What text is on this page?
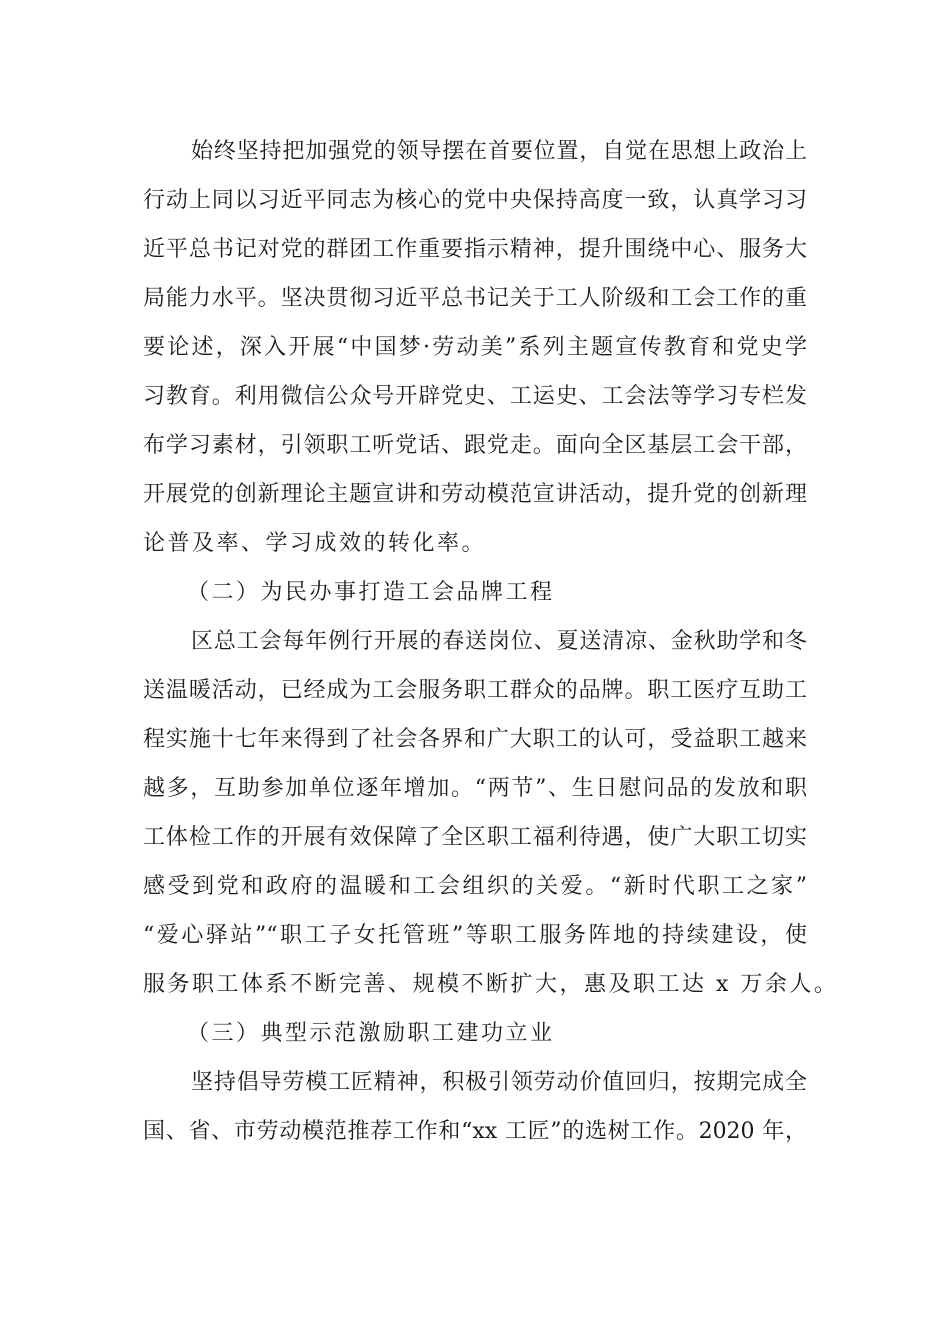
始终坚持把加强党的领导摆在首要位置，自觉在思想上政治上
行动上同以习近平同志为核心的党中央保持高度一致，认真学习习
近平总书记对党的群团工作重要指示精神，提升围绕中心、服务大
局能力水平。坚决贯彻习近平总书记关于工人阶级和工会工作的重
要论述，深入开展“中国梦·劳动美”系列主题宣传教育和党史学
习教育。利用微信公众号开辟党史、工运史、工会法等学习专栏发
布学习素材，引领职工听党话、跟党走。面向全区基层工会干部，
开展党的创新理论主题宣讲和劳动模范宣讲活动，提升党的创新理
论普及率、学习成效的转化率。
（二）为民办事打造工会品牌工程
区总工会每年例行开展的春送岗位、夏送清凉、金秋助学和冬
送温暖活动，已经成为工会服务职工群众的品牌。职工医疗互助工
程实施十七年来得到了社会各界和广大职工的认可，受益职工越来
越多，互助参加单位逐年增加。“两节”、生日慰问品的发放和职
工体检工作的开展有效保障了全区职工福利待遇，使广大职工切实
感受到党和政府的温暖和工会组织的关爱。“新时代职工之家”
“爱心驿站”“职工子女托管班”等职工服务阵地的持续建设，使
服务职工体系不断完善、规模不断扩大，惠及职工达 x 万余人。
（三）典型示范激励职工建功立业
坚持倡导劳模工匠精神，积极引领劳动价值回归，按期完成全
国、省、市劳动模范推荐工作和“xx 工匠”的选树工作。2020 年，
